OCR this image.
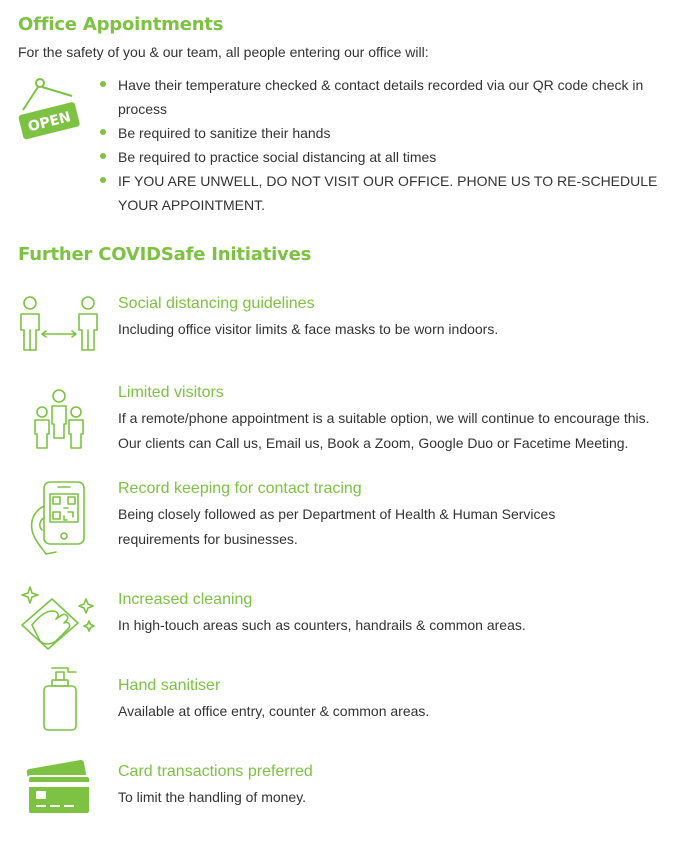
Office Appointments
For the safety of you & our team, all people entering our office will:
OPEN
Have their temperature checked & contact details recorded via our QR code check in process
Be required to sanitize their hands
Be required to practice social distancing at all times
IF YOU ARE UNWELL, DO NOT VISIT OUR OFFICE. PHONE US TO RE-SCHEDULE YOUR APPOINTMENT.
Further COVIDSafe Initiatives
Social distancing guidelines
Including office visitor limits & face masks to be worn indoors.
Limited visitors
If a remote/phone appointment is a suitable option, we will continue to encourage this.
Our clients can Call us, Email us, Book a Zoom, Google Duo or Facetime Meeting.
Record keeping for contact tracing
Being closely followed as per Department of Health & Human Services
requirements for businesses.
Increased cleaning
In high-touch areas such as counters, handrails & common areas.
Hand sanitiser
Available at office entry, counter & common areas.
Card transactions preferred
To limit the handling of money.
